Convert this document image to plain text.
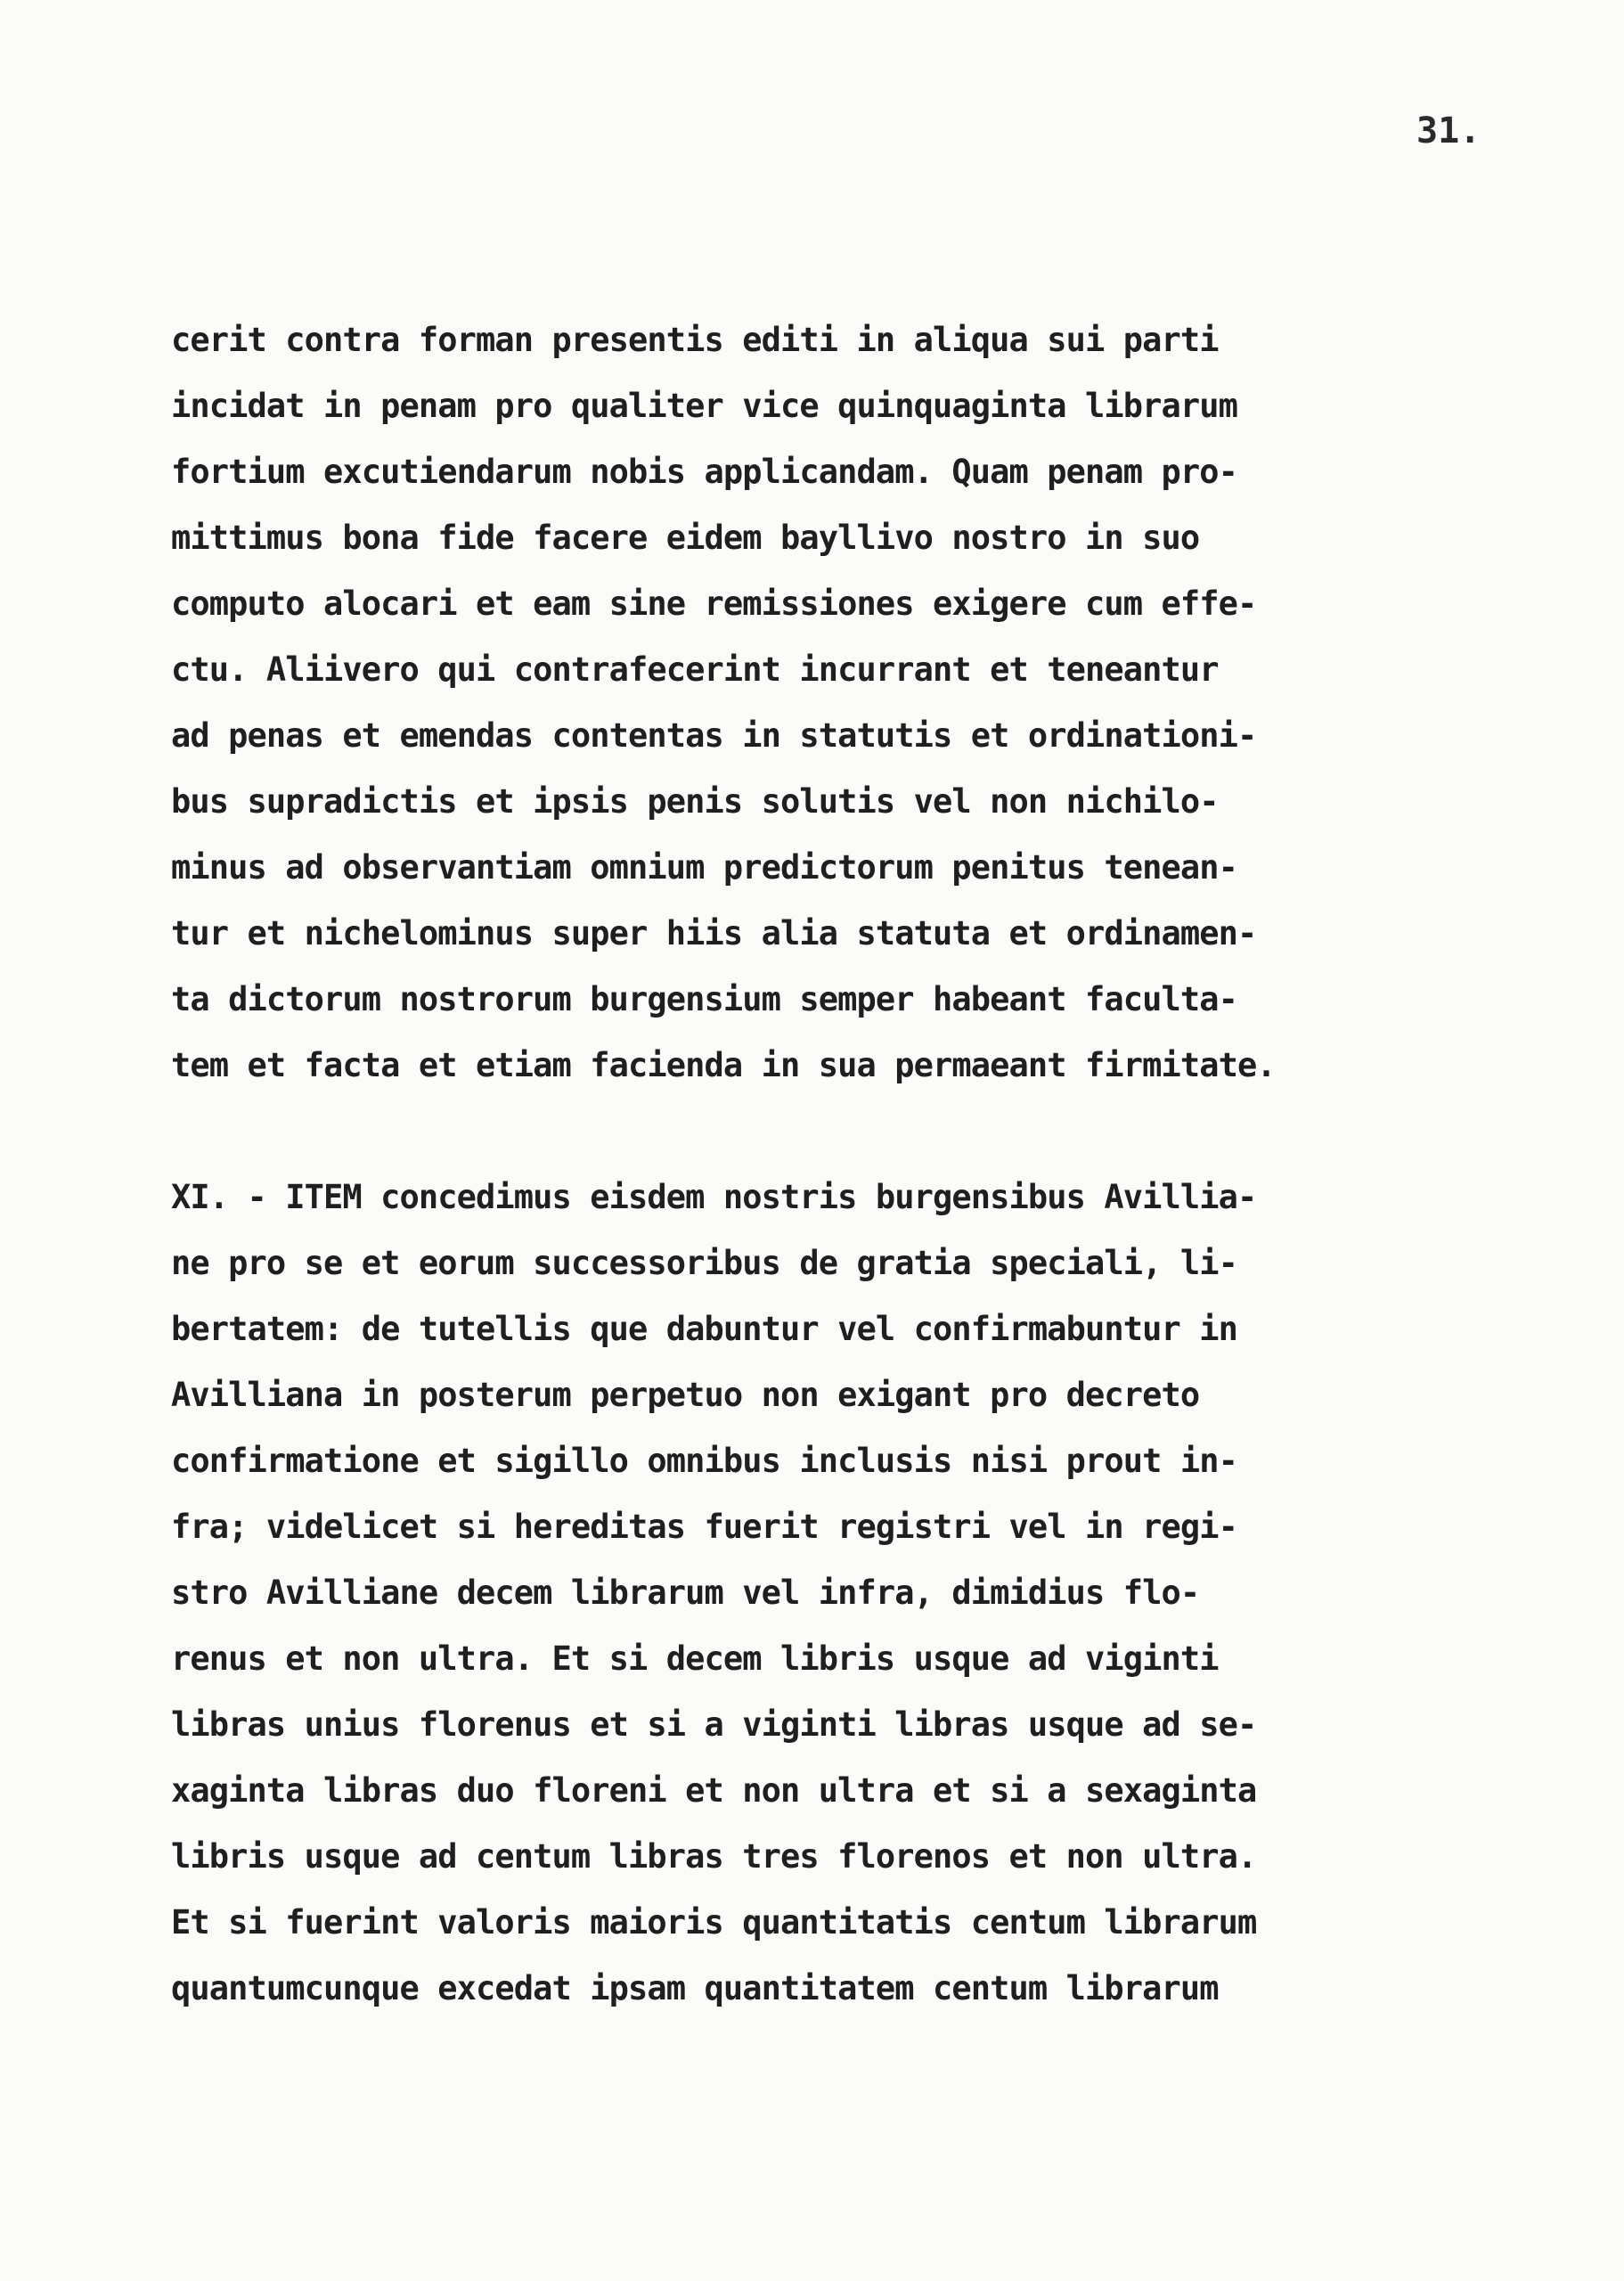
31.
cerit contra forman presentis editi in aliqua sui parti
incidat in penam pro qualiter vice quinquaginta librarum
fortium excutiendarum nobis applicandam. Quam penam pro-
mittimus bona fide facere eidem bayllivo nostro in suo
computo alocari et eam sine remissiones exigere cum effe-
ctu. Aliivero qui contrafecerint incurrant et teneantur
ad penas et emendas contentas in statutis et ordinationi-
bus supradictis et ipsis penis solutis vel non nichilo-
minus ad observantiam omnium predictorum penitus tenean-
tur et nichelominus super hiis alia statuta et ordinamen-
ta dictorum nostrorum burgensium semper habeant faculta-
tem et facta et etiam facienda in sua permaeant firmitate.
XI. - ITEM concedimus eisdem nostris burgensibus Avillia-
ne pro se et eorum successoribus de gratia speciali, li-
bertatem: de tutellis que dabuntur vel confirmabuntur in
Avilliana in posterum perpetuo non exigant pro decreto
confirmatione et sigillo omnibus inclusis nisi prout in-
fra; videlicet si hereditas fuerit registri vel in regi-
stro Avilliane decem librarum vel infra, dimidius flo-
renus et non ultra. Et si decem libris usque ad viginti
libras unius florenus et si a viginti libras usque ad se-
xaginta libras duo floreni et non ultra et si a sexaginta
libris usque ad centum libras tres florenos et non ultra.
Et si fuerint valoris maioris quantitatis centum librarum
quantumcunque excedat ipsam quantitatem centum librarum
